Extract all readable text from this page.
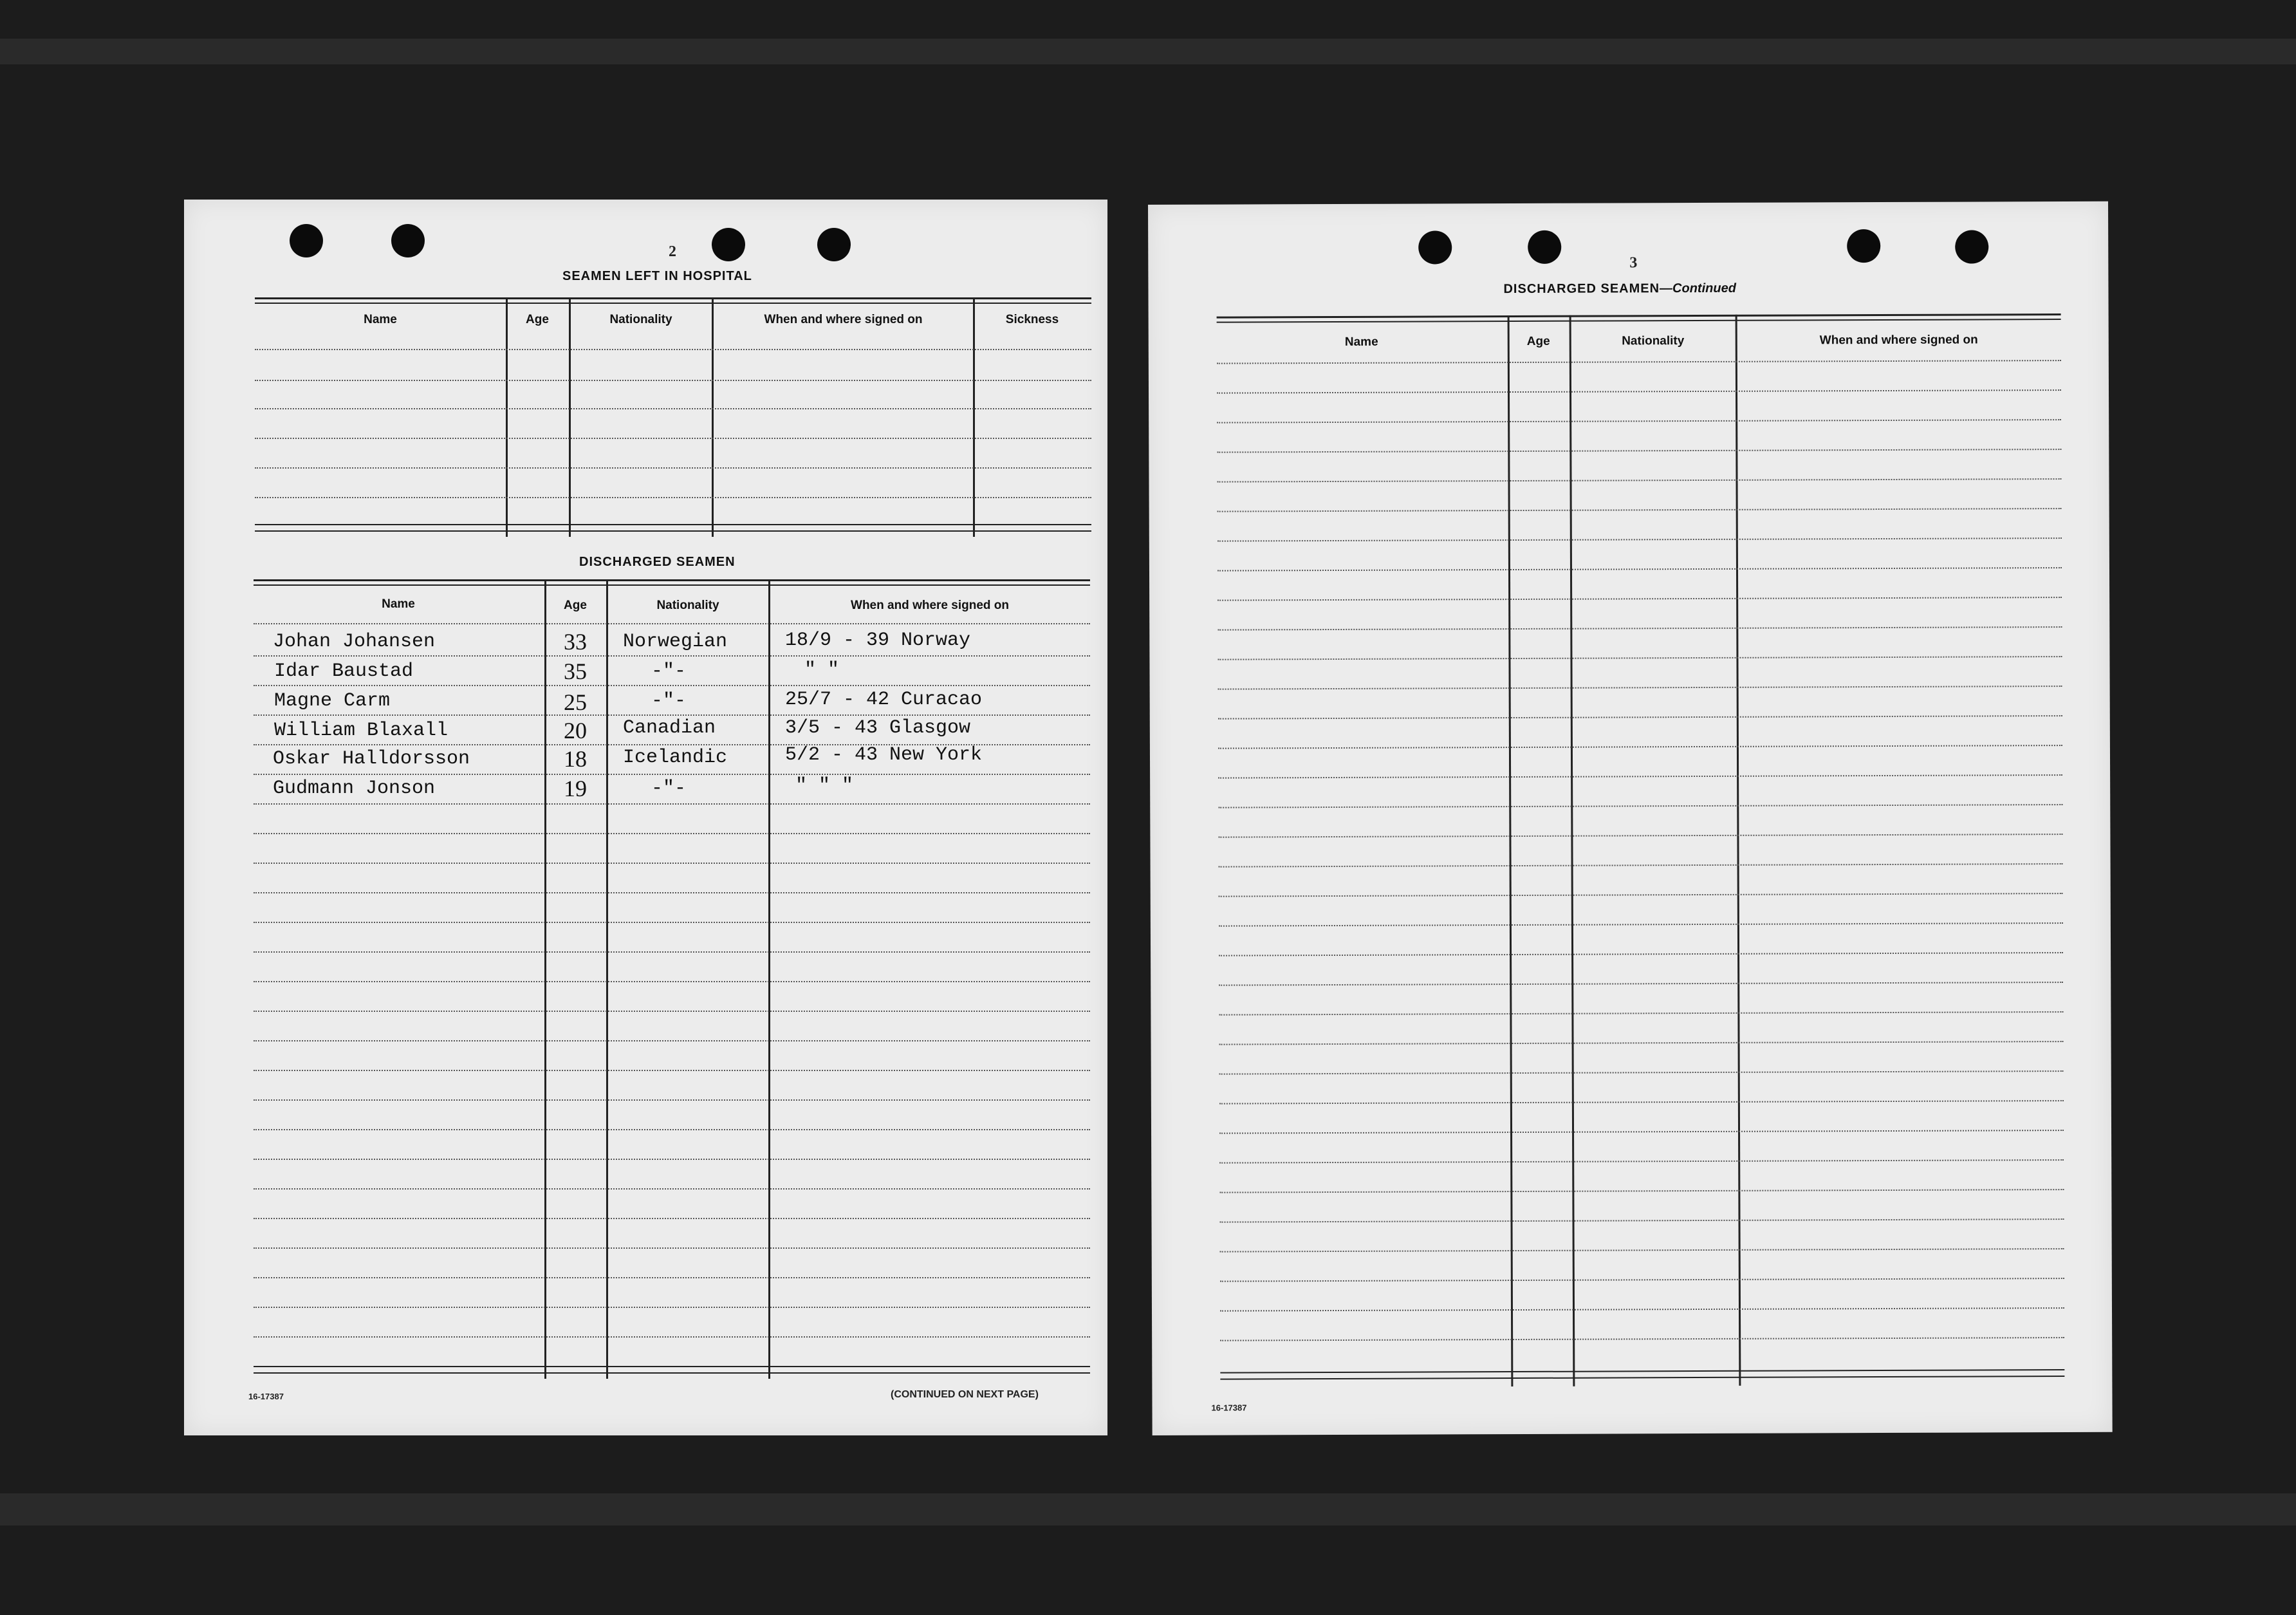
2
SEAMEN LEFT IN HOSPITAL
Name	Age	Nationality	When and where signed on	Sickness
DISCHARGED SEAMEN
Name	Age	Nationality	When and where signed on
Johan Johansen	33 Norwegian	18/9 - 39 Norway
Idar Baustad	35	-"-	" "
Magne Carm	25	-"-	25/7 - 42 Curacao
William Blaxall	20 Canadian	3/5 - 43 Glasgow
Oskar Halldorsson	18 Icelandic	5/2 - 43 New York
Gudmann Jonson	19	-"-	" " "
16-17387	(CONTINUED ON NEXT PAGE)
3
DISCHARGED SEAMEN—Continued
Name	Age	Nationality	When and where signed on
16-17387
